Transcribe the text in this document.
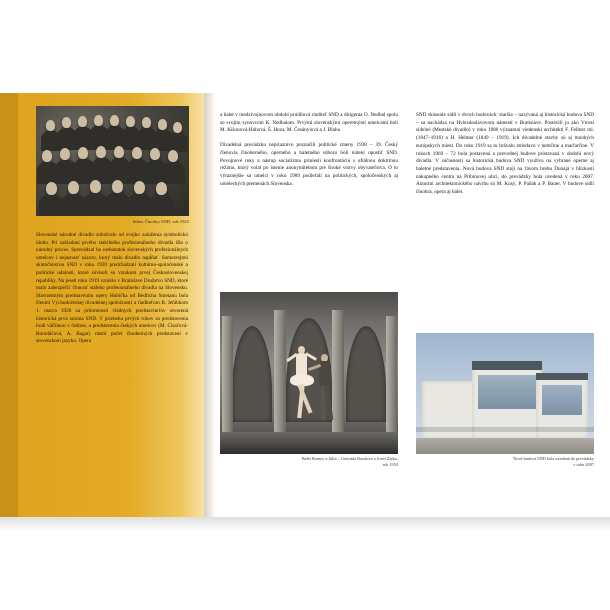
Súbor Činohry SND, rok 1925
Slovenské národné divadlo zohrávalo od svojho založenia symbolickú úlohu. Pri zakladaní prvého stabilného profesionálneho divadla išlo o národný proces. Sprevádzal ho nedostatok slovenských profesionálnych umelcov i nejasnosť názoru, ktorý malo divadlo napĺňať. Samozrejmú skutočnosťou SND v roku 1920 predchádzali kultúrno-spoločenské a politické udalosti, ktoré súviseli so vznikom prvej Československej republiky. Na jeseň roku 1919 vzniklo v Bratislave Družstvo SND, ktoré malo zabezpečiť činnosť stáleho profesionálneho divadla na Slovensku. Slávnostným predstavením opery Hubička od Bedřicha Smetanu bola členmi Východočeskej divadelnej spoločnosti a riaditeľom B. Jeřábkom 1. marca 1920 za prítomnosti vládnych predstaviteľov otvorená historická prvá sezóna SND. V priebehu prvých rokov sa predstavenia hrali väčšinou v češtine, a predstavenia českých umelcov (M. Cisaľová-Borodáčová, A. Bagar) rástol počet činoherných predstavení v slovenskom jazyku. Opera

a balet v medzivojnovom období prúdilová riaditeľ SND a dirigenta O. Nedbal spolu so svojím synovcom K. Nedbalom. Prvými slovenskými operetnými umelcami boli M. Kišonová-Hubová, Š. Hoza, M. Česányiová a J. Blaho.

Divadelná prevádzku nepriaznivo poznačili politické zmeny 1938 – 39. Český členovia činoherného, operného a baletného súboru boli nútení opustiť SND. Povojnové roky a nástup socializmu priniesli konfrontáciu s ofiálnou doktrínou režimu, ktorý volal po istenie anonymitehom pre široké vrstvy obyvateľstva. O to výraznejšie sa umelci v roku 1989 podieľali na politických, spoločenských aj umeleckých premenách Slovenska.

SND skúsenie sídli v dvoch budovách: staršia – nazývaná aj historická budova SND – sa nachádza na Hviezdoslavovom námestí v Bratislave. Postavili ju ako Vtrosi sídelné (Mestské divadlo) v roku 1886 významní viedenskí architekti F. Fellner ml. (1847–1916) a H. Helmer (1849 – 1919). Ich divadelné stavby sú aj mnohých európskych miest. Do roku 1919 sa tu hrávalo striedavo v nemčine a maďarčine. V rokoch 1969 – 72 bola postavená a prevodnej budove pristavaná v období nový divadla. V súčasnosti sa historická budova SND využíva na vybrané operné aj baletné predstavenia. Nová budova SND stojí na ľavom brehu Dunaja v blízkosti nákupného centra na Pribinovej ulici, do prevádzky bola uvedená v roku 2007. Autormi architektonického návrhu sú M. Kusý, P. Paňák a P. Bauer. V budove sídli činohra, opera aj balet.

Balet Romeo a Júlia – Gertrúda Boudová a Jozef Zajko,
rok 1954
Nová budova SND bola uvedená do prevádzky
v roku 2007
